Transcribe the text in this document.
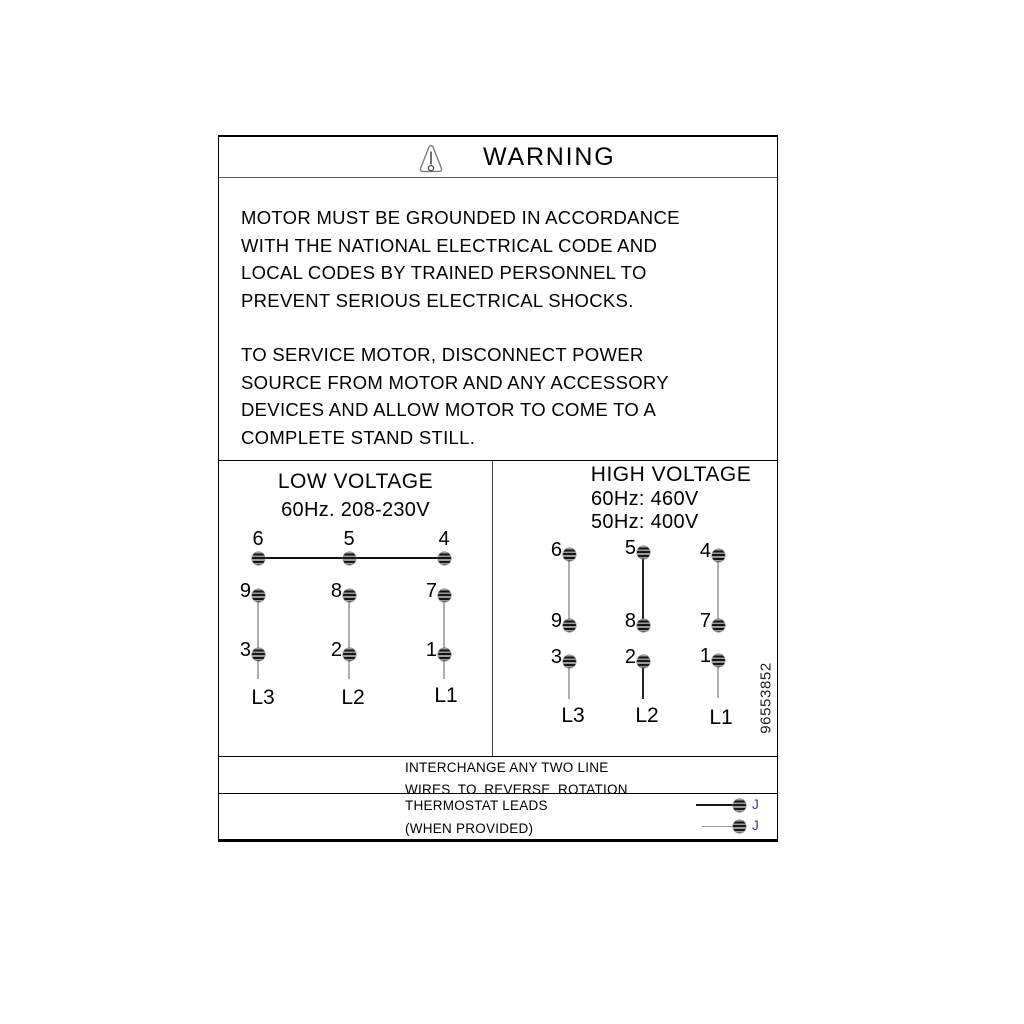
WARNING
MOTOR MUST BE GROUNDED IN ACCORDANCE
WITH THE NATIONAL ELECTRICAL CODE AND
LOCAL CODES BY TRAINED PERSONNEL TO
PREVENT SERIOUS ELECTRICAL SHOCKS.
TO SERVICE MOTOR, DISCONNECT POWER
SOURCE FROM MOTOR AND ANY ACCESSORY
DEVICES AND ALLOW MOTOR TO COME TO A
COMPLETE STAND STILL.
LOW VOLTAGE
60Hz. 208-230V
6	5	4
9	8	7
3	2	1
L3	L2	L1
HIGH VOLTAGE
60Hz: 460V
50Hz: 400V
6	5	4
9	8	7
3	2	1
L3	L2	L1	96553852
INTERCHANGE ANY TWO LINE
WIRES TO REVERSE ROTATION
THERMOSTAT LEADS
(WHEN PROVIDED)
J
J
